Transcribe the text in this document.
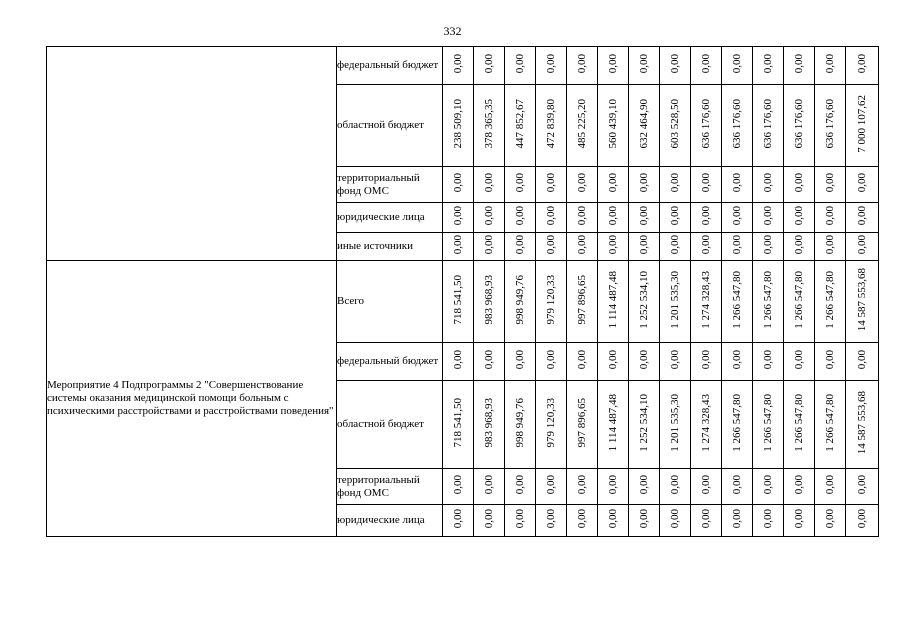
332
	федеральный бюджет	0,00	0,00	0,00	0,00	0,00	0,00	0,00	0,00	0,00	0,00	0,00	0,00	0,00	0,00
	областной бюджет	238 509,10	378 365,35	447 852,67	472 839,80	485 225,20	560 439,10	632 464,90	603 528,50	636 176,60	636 176,60	636 176,60	636 176,60	636 176,60	7 000 107,62
	территориальный фонд ОМС	0,00	0,00	0,00	0,00	0,00	0,00	0,00	0,00	0,00	0,00	0,00	0,00	0,00	0,00
	юридические лица	0,00	0,00	0,00	0,00	0,00	0,00	0,00	0,00	0,00	0,00	0,00	0,00	0,00	0,00
	иные источники	0,00	0,00	0,00	0,00	0,00	0,00	0,00	0,00	0,00	0,00	0,00	0,00	0,00	0,00
Мероприятие 4 Подпрограммы 2 "Совершенствование системы оказания медицинской помощи больным с психическими расстройствами и расстройствами поведения"	Всего	718 541,50	983 968,93	998 949,76	979 120,33	997 896,65	1 114 487,48	1 252 534,10	1 201 535,30	1 274 328,43	1 266 547,80	1 266 547,80	1 266 547,80	1 266 547,80	14 587 553,68
	федеральный бюджет	0,00	0,00	0,00	0,00	0,00	0,00	0,00	0,00	0,00	0,00	0,00	0,00	0,00	0,00
	областной бюджет	718 541,50	983 968,93	998 949,76	979 120,33	997 896,65	1 114 487,48	1 252 534,10	1 201 535,30	1 274 328,43	1 266 547,80	1 266 547,80	1 266 547,80	1 266 547,80	14 587 553,68
	территориальный фонд ОМС	0,00	0,00	0,00	0,00	0,00	0,00	0,00	0,00	0,00	0,00	0,00	0,00	0,00	0,00
	юридические лица	0,00	0,00	0,00	0,00	0,00	0,00	0,00	0,00	0,00	0,00	0,00	0,00	0,00	0,00
